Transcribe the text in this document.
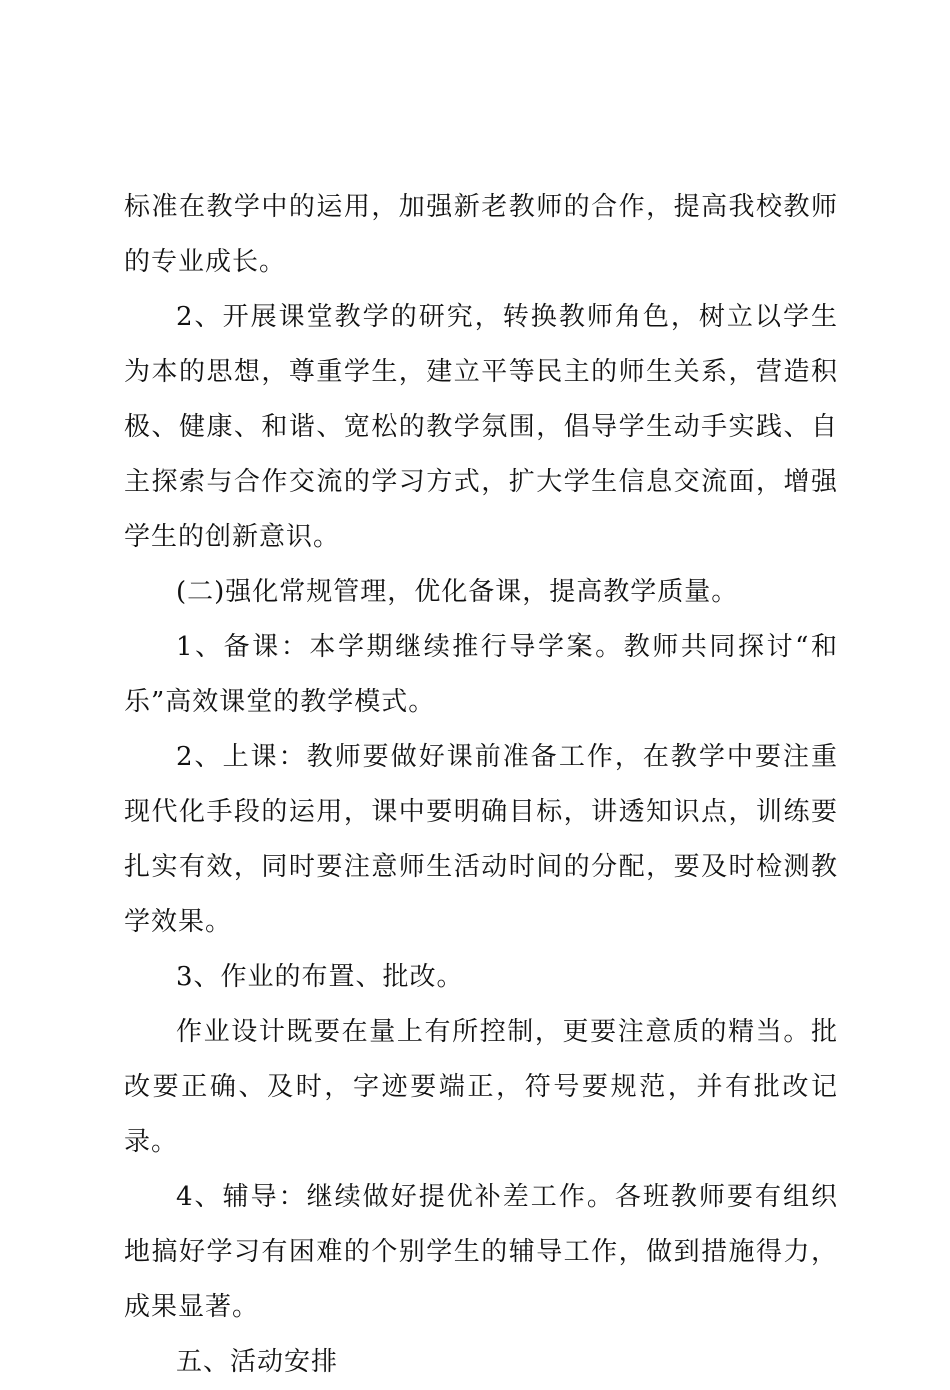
标准在教学中的运用，加强新老教师的合作，提高我校教师的专业成长。

2、开展课堂教学的研究，转换教师角色，树立以学生为本的思想，尊重学生，建立平等民主的师生关系，营造积极、健康、和谐、宽松的教学氛围，倡导学生动手实践、自主探索与合作交流的学习方式，扩大学生信息交流面，增强学生的创新意识。

(二)强化常规管理，优化备课，提高教学质量。

1、备课：本学期继续推行导学案。教师共同探讨“和乐”高效课堂的教学模式。

2、上课：教师要做好课前准备工作，在教学中要注重现代化手段的运用，课中要明确目标，讲透知识点，训练要扎实有效，同时要注意师生活动时间的分配，要及时检测教学效果。

3、作业的布置、批改。

作业设计既要在量上有所控制，更要注意质的精当。批改要正确、及时，字迹要端正，符号要规范，并有批改记录。

4、辅导：继续做好提优补差工作。各班教师要有组织地搞好学习有困难的个别学生的辅导工作，做到措施得力，成果显著。

五、活动安排
